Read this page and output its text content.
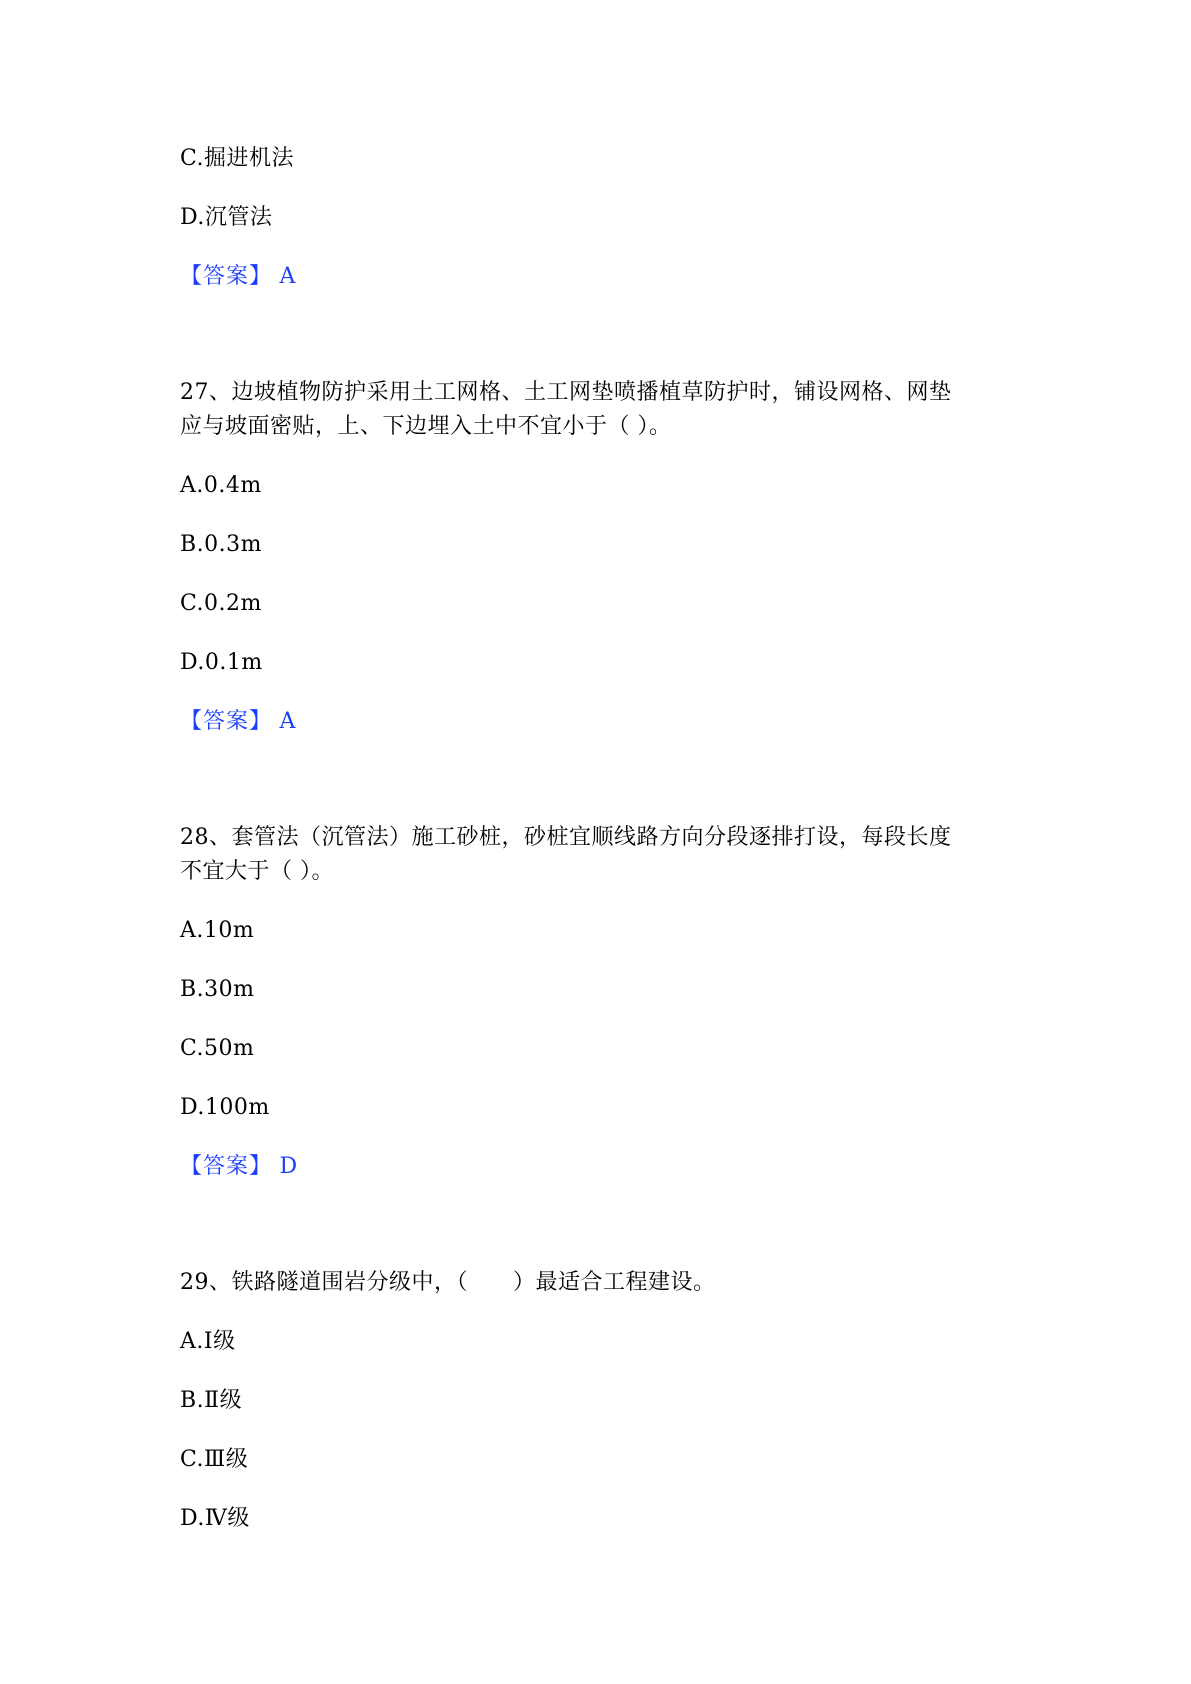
C.掘进机法
D.沉管法
【答案】 A
27、边坡植物防护采用土工网格、土工网垫喷播植草防护时，铺设网格、网垫
应与坡面密贴，上、下边埋入土中不宜小于（ ）。
A.0.4m
B.0.3m
C.0.2m
D.0.1m
【答案】 A
28、套管法（沉管法）施工砂桩，砂桩宜顺线路方向分段逐排打设，每段长度
不宜大于（ ）。
A.10m
B.30m
C.50m
D.100m
【答案】 D
29、铁路隧道围岩分级中，（　　）最适合工程建设。
A.Ⅰ级
B.Ⅱ级
C.Ⅲ级
D.Ⅳ级
